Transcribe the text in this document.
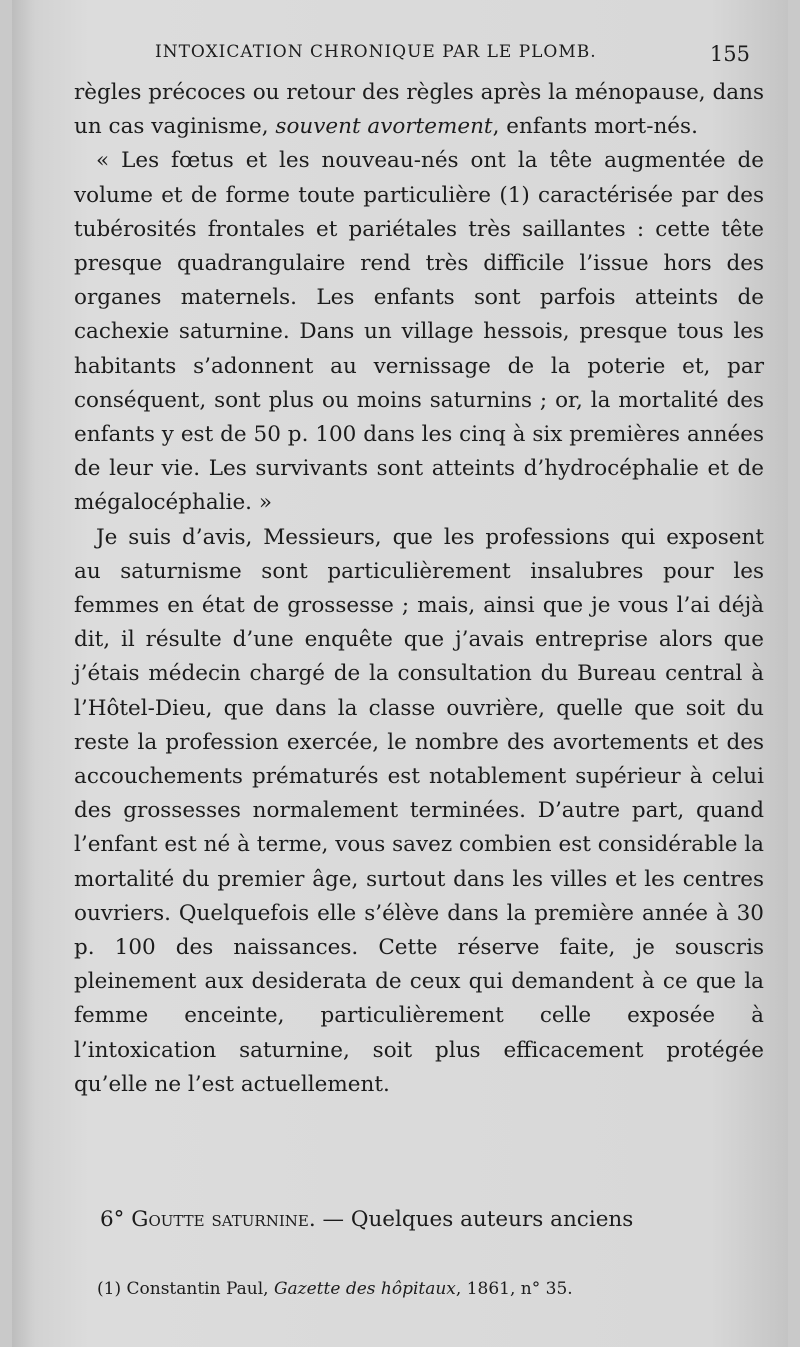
INTOXICATION CHRONIQUE PAR LE PLOMB.	155

règles précoces ou retour des règles après la ménopause, dans un cas vaginisme, souvent avortement, enfants mort-nés.

« Les fœtus et les nouveau-nés ont la tête augmentée de volume et de forme toute particulière (1) caractérisée par des tubérosités frontales et pariétales très saillantes : cette tête presque quadrangulaire rend très difficile l’issue hors des organes maternels. Les enfants sont parfois atteints de cachexie saturnine. Dans un village hessois, presque tous les habitants s’adonnent au vernissage de la poterie et, par conséquent, sont plus ou moins saturnins ; or, la mortalité des enfants y est de 50 p. 100 dans les cinq à six premières années de leur vie. Les survivants sont atteints d’hydrocéphalie et de mégalocéphalie. »

Je suis d’avis, Messieurs, que les professions qui exposent au saturnisme sont particulièrement insalubres pour les femmes en état de grossesse ; mais, ainsi que je vous l’ai déjà dit, il résulte d’une enquête que j’avais entreprise alors que j’étais médecin chargé de la consultation du Bureau central à l’Hôtel-Dieu, que dans la classe ouvrière, quelle que soit du reste la profession exercée, le nombre des avortements et des accouchements prématurés est notablement supérieur à celui des grossesses normalement terminées. D’autre part, quand l’enfant est né à terme, vous savez combien est considérable la mortalité du premier âge, surtout dans les villes et les centres ouvriers. Quelquefois elle s’élève dans la première année à 30 p. 100 des naissances. Cette réserve faite, je souscris pleinement aux desiderata de ceux qui demandent à ce que la femme enceinte, particulièrement celle exposée à l’intoxication saturnine, soit plus efficacement protégée qu’elle ne l’est actuellement.

6° Goutte saturnine. — Quelques auteurs anciens
(1) Constantin Paul, Gazette des hôpitaux, 1861, n° 35.
